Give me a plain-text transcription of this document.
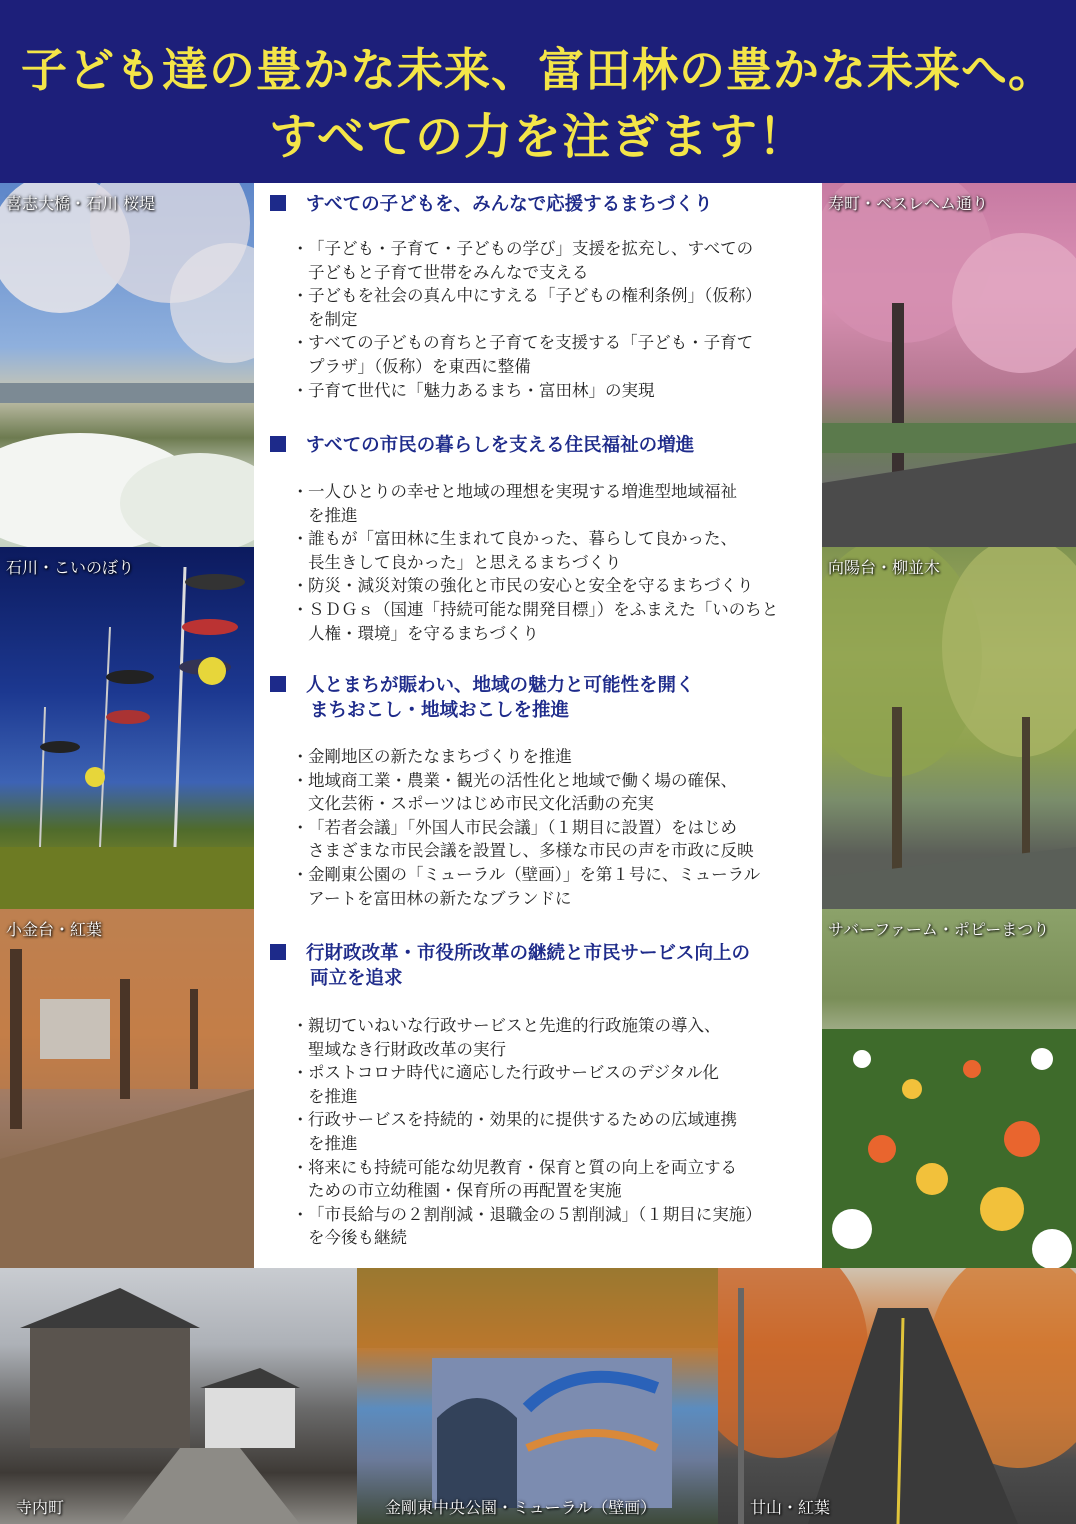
子ども達の豊かな未来、富田林の豊かな未来へ。
すべての力を注ぎます！
喜志大橋・石川 桜堤
石川・こいのぼり
小金台・紅葉
寿町・ベスレヘム通り
向陽台・柳並木
サバーファーム・ポピーまつり
寺内町	金剛東中央公園・ミューラル（壁画）	廿山・紅葉
すべての子どもを、みんなで応援するまちづくり
・ 「子ども・子育て・子どもの学び」支援を拡充し、すべての
子どもと子育て世帯をみんなで支える
・ 子どもを社会の真ん中にすえる「子どもの権利条例」（仮称）
を制定
・ すべての子どもの育ちと子育てを支援する「子ども・子育て
プラザ」（仮称）を東西に整備
・ 子育て世代に「魅力あるまち・富田林」の実現
すべての市民の暮らしを支える住民福祉の増進
・ 一人ひとりの幸せと地域の理想を実現する増進型地域福祉
を推進
・ 誰もが「富田林に生まれて良かった、暮らして良かった、
長生きして良かった」と思えるまちづくり
・ 防災・減災対策の強化と市民の安心と安全を守るまちづくり
・ ＳＤＧｓ（国連「持続可能な開発目標」）をふまえた「いのちと
人権・環境」を守るまちづくり
人とまちが賑わい、地域の魅力と可能性を開く
まちおこし・地域おこしを推進
・ 金剛地区の新たなまちづくりを推進
・ 地域商工業・農業・観光の活性化と地域で働く場の確保、
文化芸術・スポーツはじめ市民文化活動の充実
・ 「若者会議」「外国人市民会議」（１期目に設置）をはじめ
さまざまな市民会議を設置し、多様な市民の声を市政に反映
・ 金剛東公園の「ミューラル（壁画）」を第１号に、ミューラル
アートを富田林の新たなブランドに
行財政改革・市役所改革の継続と市民サービス向上の
両立を追求
・ 親切ていねいな行政サービスと先進的行政施策の導入、
聖域なき行財政改革の実行
・ ポストコロナ時代に適応した行政サービスのデジタル化
を推進
・ 行政サービスを持続的・効果的に提供するための広域連携
を推進
・ 将来にも持続可能な幼児教育・保育と質の向上を両立する
ための市立幼稚園・保育所の再配置を実施
・ 「市長給与の２割削減・退職金の５割削減」（１期目に実施）
を今後も継続
